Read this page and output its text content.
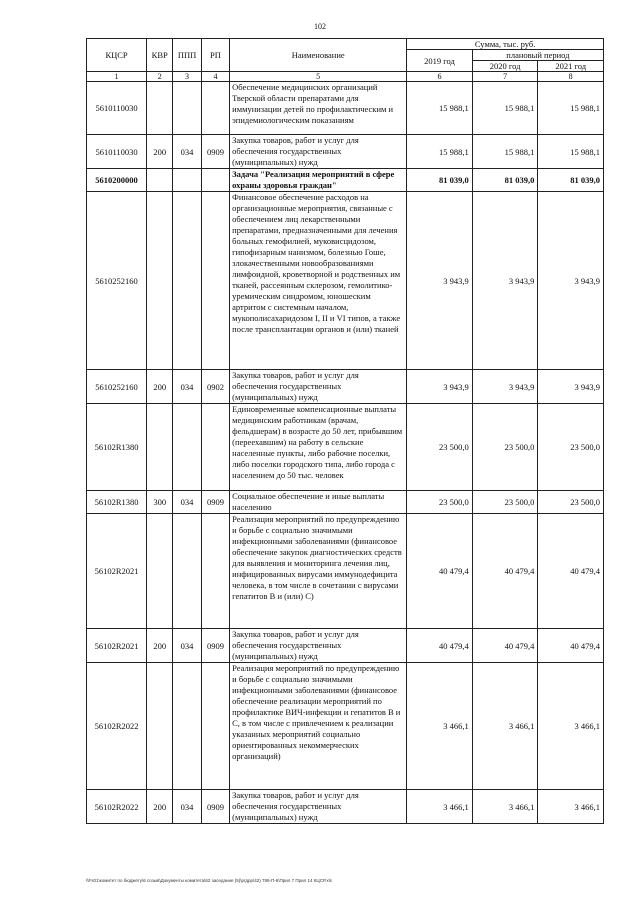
102
КЦСР	КВР	ППП	РП	Наименование	Сумма, тыс. руб.		
					2019 год	плановый период	
						2020 год	2021 год
1	2	3	4	5	6	7	8
5610110030				Обеспечение медицинских организаций Тверской области препаратами для иммунизации детей по профилактическим и эпидемиологическим показаниям	15 988,1	15 988,1	15 988,1
5610110030	200	034	0909	Закупка товаров, работ и услуг для обеспечения государственных (муниципальных) нужд	15 988,1	15 988,1	15 988,1
5610200000				Задача "Реализация мероприятий в сфере охраны здоровья граждан"	81 039,0	81 039,0	81 039,0
5610252160				Финансовое обеспечение расходов на организационные мероприятия, связанные с обеспечением лиц лекарственными препаратами, предназначенными для лечения больных гемофилией, муковисцидозом, гипофизарным нанизмом, болезнью Гоше, злокачественными новообразованиями лимфоидной, кроветворной и родственных им тканей, рассеянным склерозом, гемолитико-уремическим синдромом, юношеским артритом с системным началом, мукополисахаридозом I, II и VI типов, а также после трансплантации органов и (или) тканей	3 943,9	3 943,9	3 943,9
5610252160	200	034	0902	Закупка товаров, работ и услуг для обеспечения государственных (муниципальных) нужд	3 943,9	3 943,9	3 943,9
56102R1380				Единовременные компенсационные выплаты медицинским работникам (врачам, фельдшерам) в возрасте до 50 лет, прибывшим (переехавшим) на работу в сельские населенные пункты, либо рабочие поселки, либо поселки городского типа, либо города с населением до 50 тыс. человек	23 500,0	23 500,0	23 500,0
56102R1380	300	034	0909	Социальное обеспечение и иные выплаты населению	23 500,0	23 500,0	23 500,0
56102R2021				Реализация мероприятий по предупреждению и борьбе с социально значимыми инфекционными заболеваниями (финансовое обеспечение закупок диагностических средств для выявления и мониторинга лечения лиц, инфицированных вирусами иммунодефицита человека, в том числе в сочетании с вирусами гепатитов В и (или) С)	40 479,4	40 479,4	40 479,4
56102R2021	200	034	0909	Закупка товаров, работ и услуг для обеспечения государственных (муниципальных) нужд	40 479,4	40 479,4	40 479,4
56102R2022				Реализация мероприятий по предупреждению и борьбе с социально значимыми инфекционными заболеваниями (финансовое обеспечение реализации мероприятий по профилактике ВИЧ-инфекции и гепатитов В и С, в том числе с привлечением к реализации указанных мероприятий социально ориентированных некоммерческих организаций)	3 466,1	3 466,1	3 466,1
56102R2022	200	034	0909	Закупка товаров, работ и услуг для обеспечения государственных (муниципальных) нужд	3 466,1	3 466,1	3 466,1
\\Fs01\комитет по бюджету\6 созыв\Документы комитета\62 заседание (5)\ргдрр\42) 788-П-6\Прил 7 Прил 14 КЦСР.xls
